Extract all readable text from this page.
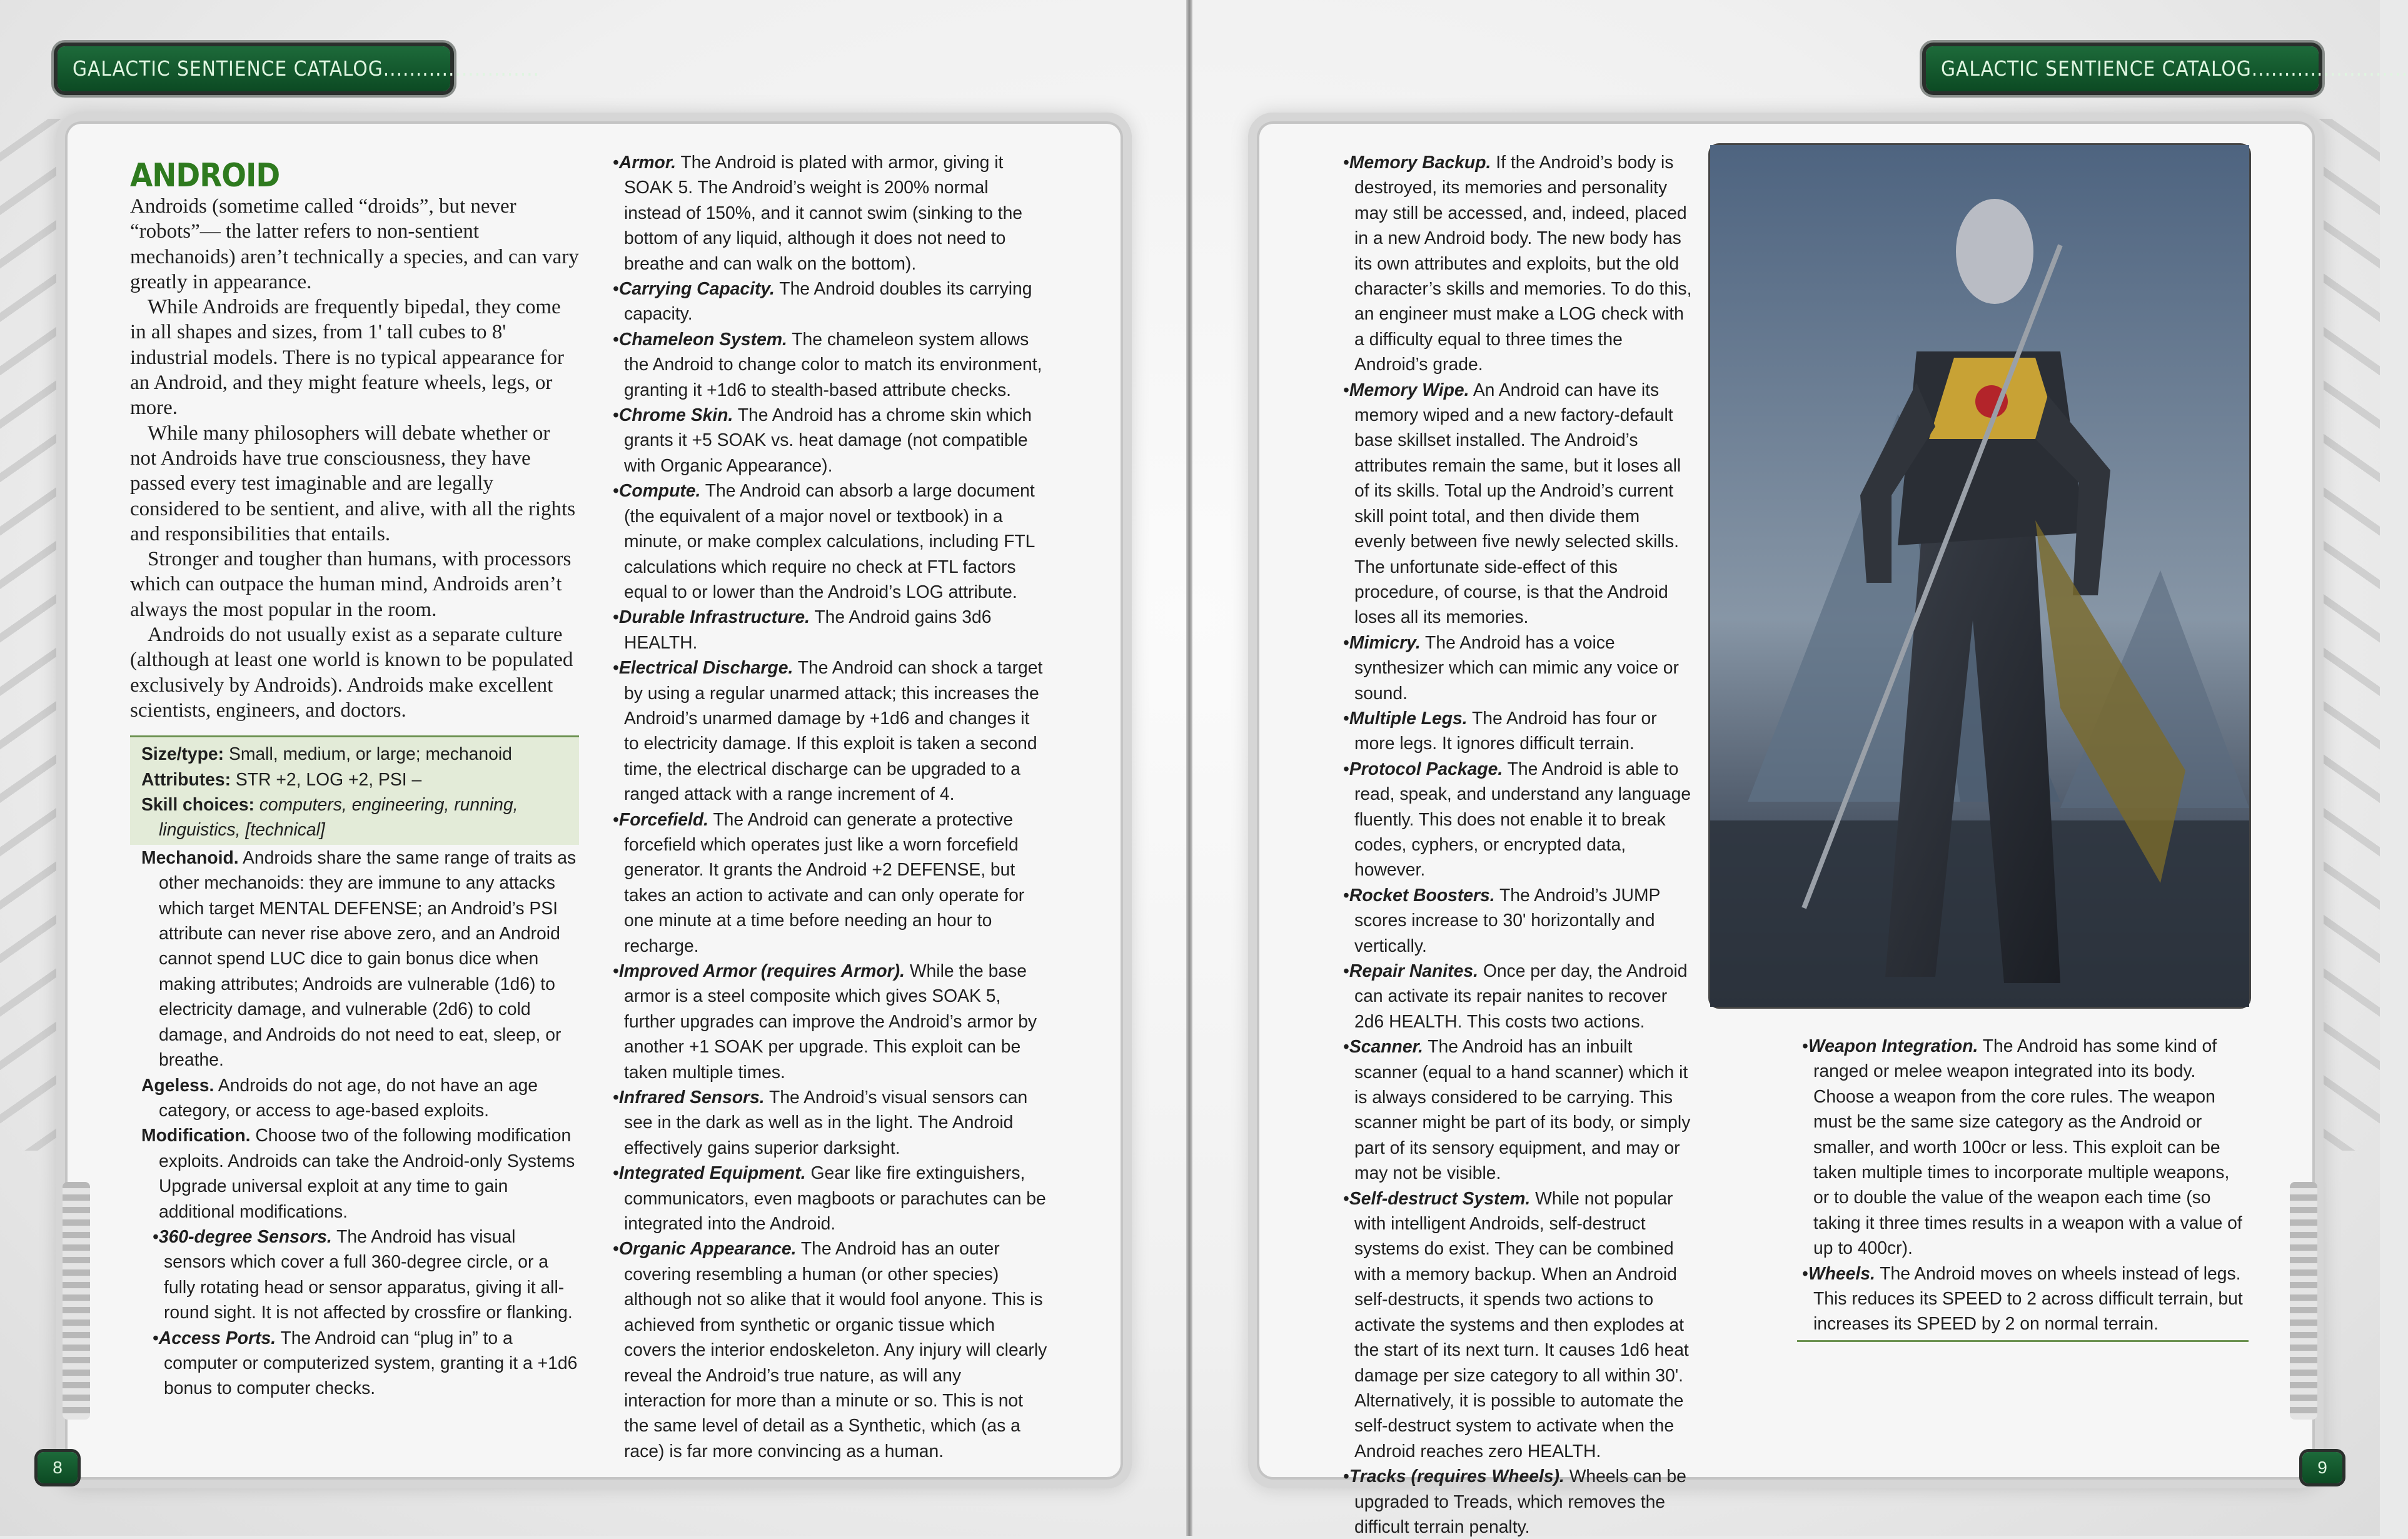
GALACTIC SENTIENCE CATALOG........................	GALACTIC SENTIENCE CATALOG........................
ANDROID

Androids (sometime called “droids”, but never “robots”— the latter refers to non-sentient mechanoids) aren’t technically a species, and can vary greatly in appearance.

While Androids are frequently bipedal, they come in all shapes and sizes, from 1' tall cubes to 8' industrial models. There is no typical appearance for an Android, and they might feature wheels, legs, or more.

While many philosophers will debate whether or not Androids have true consciousness, they have passed every test imaginable and are legally considered to be sentient, and alive, with all the rights and responsibilities that entails.

Stronger and tougher than humans, with processors which can outpace the human mind, Androids aren’t always the most popular in the room.

Androids do not usually exist as a separate culture (although at least one world is known to be populated exclusively by Androids). Androids make excellent scientists, engineers, and doctors.

Size/type: Small, medium, or large; mechanoid

Attributes: STR +2, LOG +2, PSI –

Skill choices: computers, engineering, running, linguistics, [technical]

Mechanoid. Androids share the same range of traits as other mechanoids: they are immune to any attacks which target MENTAL DEFENSE; an Android’s PSI attribute can never rise above zero, and an Android cannot spend LUC dice to gain bonus dice when making attributes; Androids are vulnerable (1d6) to electricity damage, and vulnerable (2d6) to cold damage, and Androids do not need to eat, sleep, or breathe.

Ageless. Androids do not age, do not have an age category, or access to age-based exploits.

Modification. Choose two of the following modification exploits. Androids can take the Android-only Systems Upgrade universal exploit at any time to gain additional modifications.

•360-degree Sensors. The Android has visual sensors which cover a full 360-degree circle, or a fully rotating head or sensor apparatus, giving it all-round sight. It is not affected by crossfire or flanking.

•Access Ports. The Android can “plug in” to a computer or computerized system, granting it a +1d6 bonus to computer checks.

•Armor. The Android is plated with armor, giving it SOAK 5. The Android’s weight is 200% normal instead of 150%, and it cannot swim (sinking to the bottom of any liquid, although it does not need to breathe and can walk on the bottom).

•Carrying Capacity. The Android doubles its carrying capacity.

•Chameleon System. The chameleon system allows the Android to change color to match its environment, granting it +1d6 to stealth-based attribute checks.

•Chrome Skin. The Android has a chrome skin which grants it +5 SOAK vs. heat damage (not compatible with Organic Appearance).

•Compute. The Android can absorb a large document (the equivalent of a major novel or textbook) in a minute, or make complex calculations, including FTL calculations which require no check at FTL factors equal to or lower than the Android’s LOG attribute.

•Durable Infrastructure. The Android gains 3d6 HEALTH.

•Electrical Discharge. The Android can shock a target by using a regular unarmed attack; this increases the Android’s unarmed damage by +1d6 and changes it to electricity damage. If this exploit is taken a second time, the electrical discharge can be upgraded to a ranged attack with a range increment of 4.

•Forcefield. The Android can generate a protective forcefield which operates just like a worn forcefield generator. It grants the Android +2 DEFENSE, but takes an action to activate and can only operate for one minute at a time before needing an hour to recharge.

•Improved Armor (requires Armor). While the base armor is a steel composite which gives SOAK 5, further upgrades can improve the Android’s armor by another +1 SOAK per upgrade. This exploit can be taken multiple times.

•Infrared Sensors. The Android’s visual sensors can see in the dark as well as in the light. The Android effectively gains superior darksight.

•Integrated Equipment. Gear like fire extinguishers, communicators, even magboots or parachutes can be integrated into the Android.

•Organic Appearance. The Android has an outer covering resembling a human (or other species) although not so alike that it would fool anyone. This is achieved from synthetic or organic tissue which covers the interior endoskeleton. Any injury will clearly reveal the Android’s true nature, as will any interaction for more than a minute or so. This is not the same level of detail as a Synthetic, which (as a race) is far more convincing as a human.

•Memory Backup. If the Android’s body is destroyed, its memories and personality may still be accessed, and, indeed, placed in a new Android body. The new body has its own attributes and exploits, but the old character’s skills and memories. To do this, an engineer must make a LOG check with a difficulty equal to three times the Android’s grade.

•Memory Wipe. An Android can have its memory wiped and a new factory-default base skillset installed. The Android’s attributes remain the same, but it loses all of its skills. Total up the Android’s current skill point total, and then divide them evenly between five newly selected skills. The unfortunate side-effect of this procedure, of course, is that the Android loses all its memories.

•Mimicry. The Android has a voice synthesizer which can mimic any voice or sound.

•Multiple Legs. The Android has four or more legs. It ignores difficult terrain.

•Protocol Package. The Android is able to read, speak, and understand any language fluently. This does not enable it to break codes, cyphers, or encrypted data, however.

•Rocket Boosters. The Android’s JUMP scores increase to 30' horizontally and vertically.

•Repair Nanites. Once per day, the Android can activate its repair nanites to recover 2d6 HEALTH. This costs two actions.

•Scanner. The Android has an inbuilt scanner (equal to a hand scanner) which it is always considered to be carrying. This scanner might be part of its body, or simply part of its sensory equipment, and may or may not be visible.

•Self-destruct System. While not popular with intelligent Androids, self-destruct systems do exist. They can be combined with a memory backup. When an Android self-destructs, it spends two actions to activate the systems and then explodes at the start of its next turn. It causes 1d6 heat damage per size category to all within 30'. Alternatively, it is possible to automate the self-destruct system to activate when the Android reaches zero HEALTH.

•Tracks (requires Wheels). Wheels can be upgraded to Treads, which removes the difficult terrain penalty.

•Weapon Integration. The Android has some kind of ranged or melee weapon integrated into its body. Choose a weapon from the core rules. The weapon must be the same size category as the Android or smaller, and worth 100cr or less. This exploit can be taken multiple times to incorporate multiple weapons, or to double the value of the weapon each time (so taking it three times results in a weapon with a value of up to 400cr).

•Wheels. The Android moves on wheels instead of legs. This reduces its SPEED to 2 across difficult terrain, but increases its SPEED by 2 on normal terrain.

8	9
